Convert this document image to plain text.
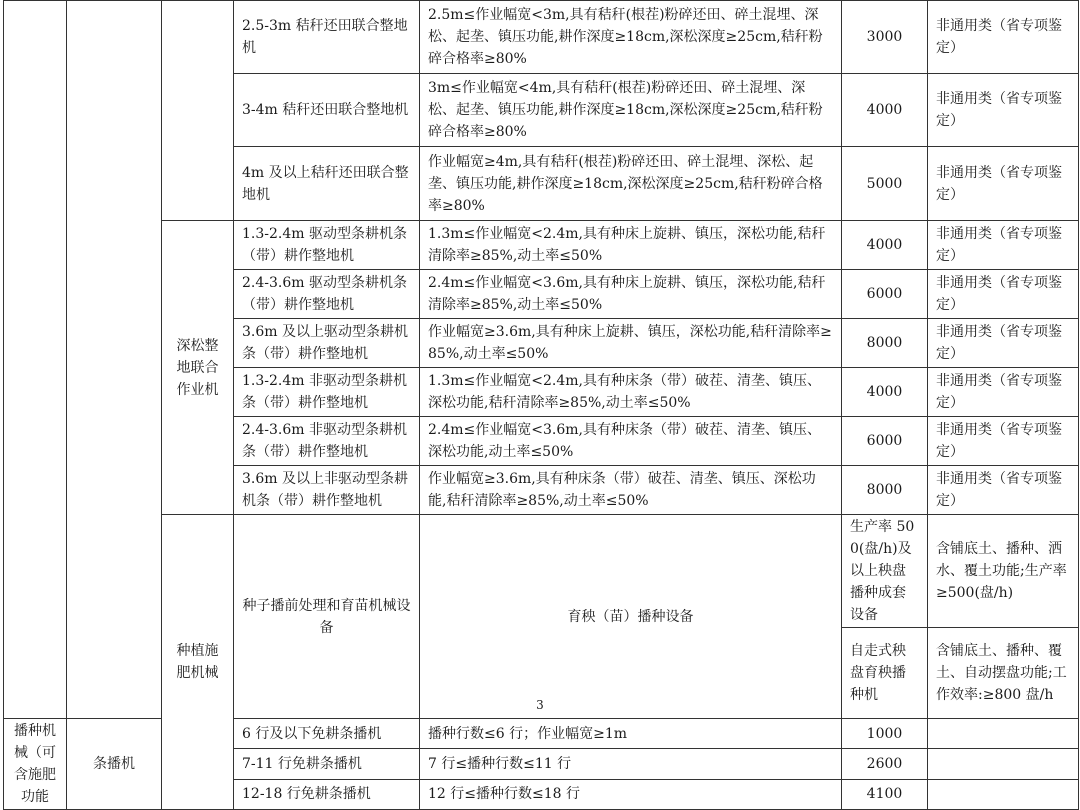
			2.5-3m 秸秆还田联合整地机	2.5m≤作业幅宽<3m,具有秸秆(根茬)粉碎还田、碎土混埋、深松、起垄、镇压功能,耕作深度≥18cm,深松深度≥25cm,秸秆粉碎合格率≥80%	3000	非通用类（省专项鉴定）	
			3-4m 秸秆还田联合整地机	3m≤作业幅宽<4m,具有秸秆(根茬)粉碎还田、碎土混埋、深松、起垄、镇压功能,耕作深度≥18cm,深松深度≥25cm,秸秆粉碎合格率≥80%	4000	非通用类（省专项鉴定）	
			4m 及以上秸秆还田联合整地机	作业幅宽≥4m,具有秸秆(根茬)粉碎还田、碎土混埋、深松、起垄、镇压功能,耕作深度≥18cm,深松深度≥25cm,秸秆粉碎合格率≥80%	5000	非通用类（省专项鉴定）	
		深松整地联合作业机	1.3-2.4m 驱动型条耕机条（带）耕作整地机	1.3m≤作业幅宽<2.4m,具有种床上旋耕、镇压，深松功能,秸秆清除率≥85%,动土率≤50%	4000	非通用类（省专项鉴定）	
			2.4-3.6m 驱动型条耕机条（带）耕作整地机	2.4m≤作业幅宽<3.6m,具有种床上旋耕、镇压，深松功能,秸秆清除率≥85%,动土率≤50%	6000	非通用类（省专项鉴定）	
			3.6m 及以上驱动型条耕机条（带）耕作整地机	作业幅宽≥3.6m,具有种床上旋耕、镇压，深松功能,秸秆清除率≥85%,动土率≤50%	8000	非通用类（省专项鉴定）	
			1.3-2.4m 非驱动型条耕机条（带）耕作整地机	1.3m≤作业幅宽<2.4m,具有种床条（带）破茬、清垄、镇压、深松功能,秸秆清除率≥85%,动土率≤50%	4000	非通用类（省专项鉴定）	
			2.4-3.6m 非驱动型条耕机条（带）耕作整地机	2.4m≤作业幅宽<3.6m,具有种床条（带）破茬、清垄、镇压、深松功能,动土率≤50%	6000	非通用类（省专项鉴定）	
			3.6m 及以上非驱动型条耕机条（带）耕作整地机	作业幅宽≥3.6m,具有种床条（带）破茬、清垄、镇压、深松功能,秸秆清除率≥85%,动土率≤50%	8000	非通用类（省专项鉴定）	
		种植施肥机械	种子播前处理和育苗机械设备	育秧（苗）播种设备	生产率 500(盘/h)及以上秧盘播种成套设备	含铺底土、播种、洒水、覆土功能;生产率≥500(盘/h)		
					自走式秧盘育秧播种机	含铺底土、播种、覆土、自动摆盘功能;工作效率:≥800 盘/h		
播种机械（可含施肥功能	条播机		6 行及以下免耕条播机	播种行数≤6 行；作业幅宽≥1m	1000		
			7-11 行免耕条播机	7 行≤播种行数≤11 行	2600		
			12-18 行免耕条播机	12 行≤播种行数≤18 行	4100		
3
